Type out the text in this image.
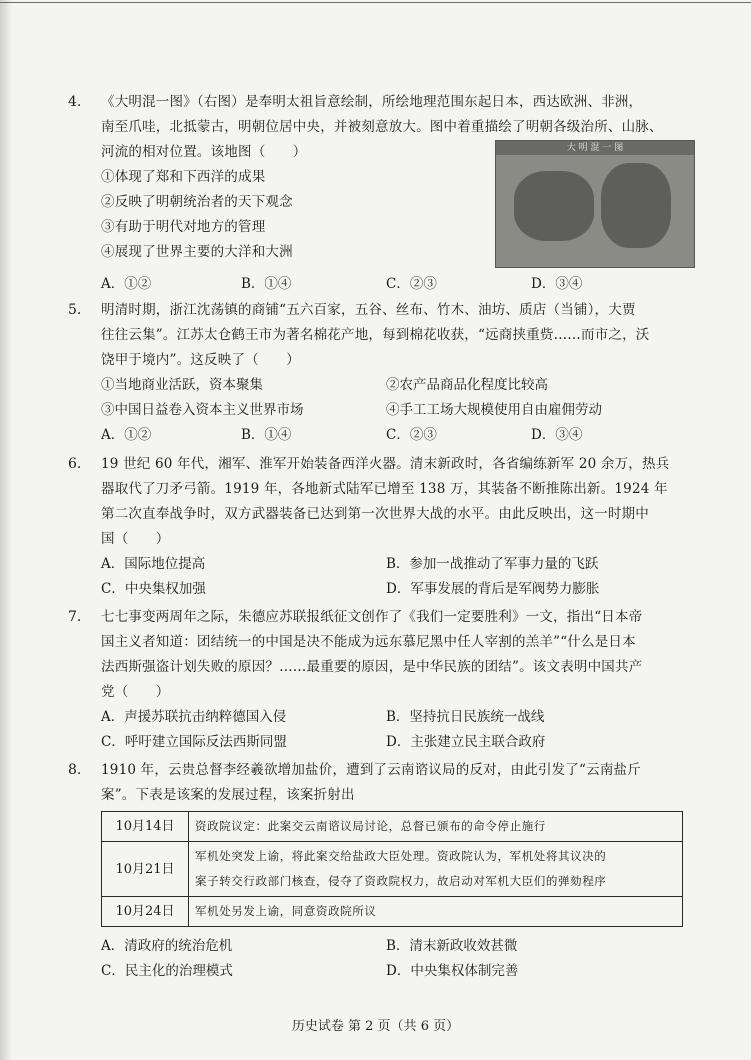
4. 《大明混一图》（右图）是奉明太祖旨意绘制，所绘地理范围东起日本，西达欧洲、非洲，
南至爪哇，北抵蒙古，明朝位居中央，并被刻意放大。图中着重描绘了明朝各级治所、山脉、
河流的相对位置。该地图（　　）
①体现了郑和下西洋的成果
②反映了明朝统治者的天下观念
③有助于明代对地方的管理
④展现了世界主要的大洋和大洲
A．①②	B．①④	C．②③	D．③④
大 明 混 一 图
5. 明清时期，浙江沈荡镇的商铺“五六百家，五谷、丝布、竹木、油坊、质店（当铺），大贾
往往云集”。江苏太仓鹤王市为著名棉花产地，每到棉花收获，“远商挟重赀……而市之，沃
饶甲于境内”。这反映了（　　）
①当地商业活跃，资本聚集	②农产品商品化程度比较高
③中国日益卷入资本主义世界市场	④手工工场大规模使用自由雇佣劳动
A．①②	B．①④	C．②③	D．③④
6. 19 世纪 60 年代，湘军、淮军开始装备西洋火器。清末新政时，各省编练新军 20 余万，热兵
器取代了刀矛弓箭。1919 年，各地新式陆军已增至 138 万，其装备不断推陈出新。1924 年
第二次直奉战争时，双方武器装备已达到第一次世界大战的水平。由此反映出，这一时期中
国（　　）
A．国际地位提高	B．参加一战推动了军事力量的飞跃
C．中央集权加强	D．军事发展的背后是军阀势力膨胀
7. 七七事变两周年之际，朱德应苏联报纸征文创作了《我们一定要胜利》一文，指出“日本帝
国主义者知道：团结统一的中国是决不能成为远东慕尼黑中任人宰割的羔羊”“什么是日本
法西斯强盗计划失败的原因？……最重要的原因，是中华民族的团结”。该文表明中国共产
党（　　）
A．声援苏联抗击纳粹德国入侵	B．坚持抗日民族统一战线
C．呼吁建立国际反法西斯同盟	D．主张建立民主联合政府
8. 1910 年，云贵总督李经羲欲增加盐价，遭到了云南谘议局的反对，由此引发了“云南盐斤
案”。下表是该案的发展过程，该案折射出
A．清政府的统治危机	B．清末新政收效甚微
C．民主化的治理模式	D．中央集权体制完善
10月14日	资政院议定：此案交云南谘议局讨论，总督已颁布的命令停止施行

10月21日	军机处突发上谕，将此案交给盐政大臣处理。资政院认为，军机处将其议决的
案子转交行政部门核查，侵夺了资政院权力，故启动对军机大臣们的弹劾程序

10月24日	军机处另发上谕，同意资政院所议
历史试卷 第 2 页（共 6 页）
